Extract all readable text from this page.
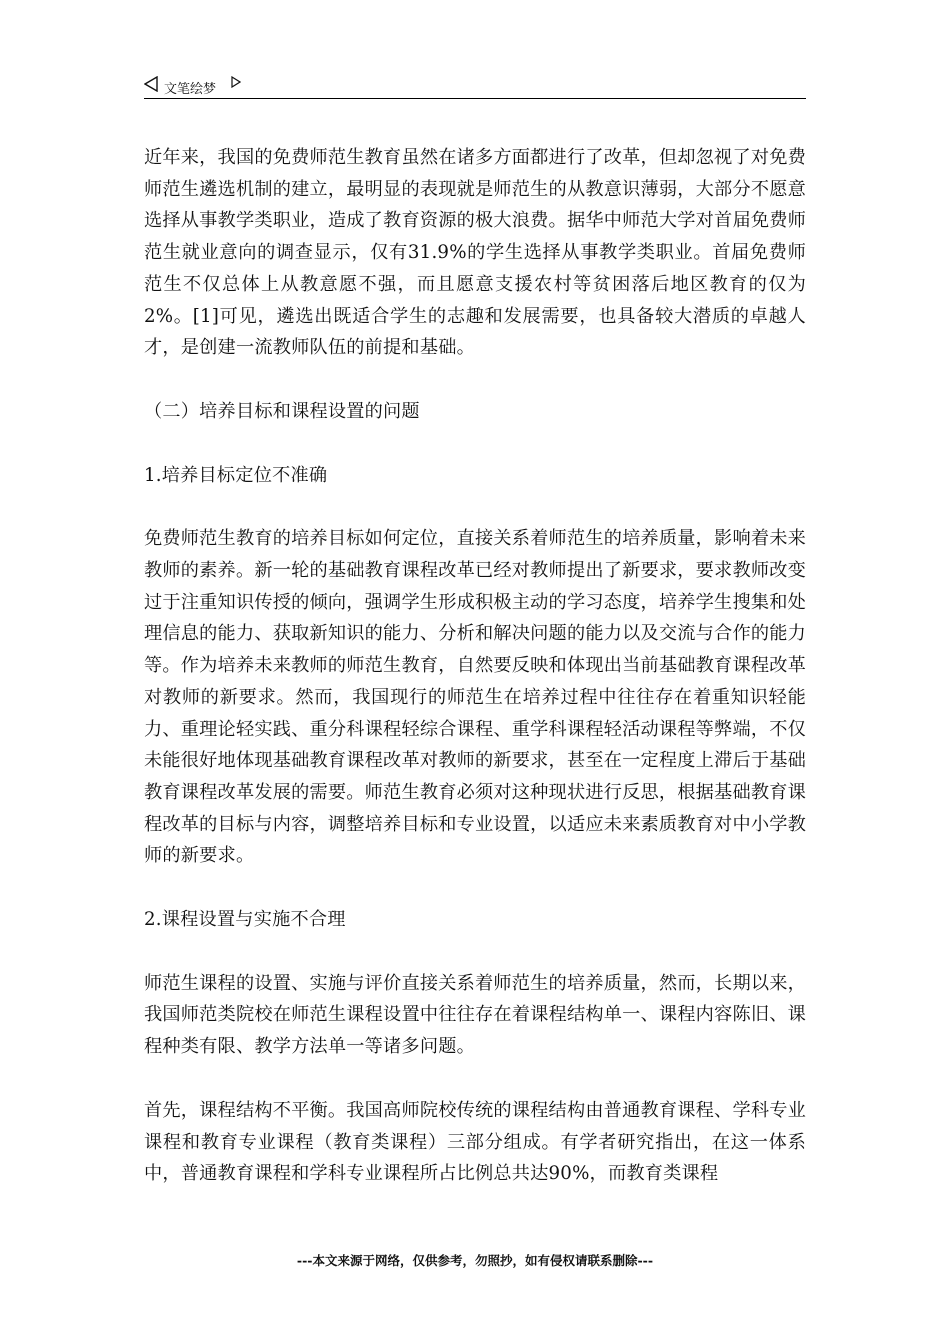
文笔绘梦

近年来，我国的免费师范生教育虽然在诸多方面都进行了改革，但却忽视了对免费师范生遴选机制的建立，最明显的表现就是师范生的从教意识薄弱，大部分不愿意选择从事教学类职业，造成了教育资源的极大浪费。据华中师范大学对首届免费师范生就业意向的调查显示，仅有31.9%的学生选择从事教学类职业。首届免费师范生不仅总体上从教意愿不强，而且愿意支援农村等贫困落后地区教育的仅为2%。[1]可见，遴选出既适合学生的志趣和发展需要，也具备较大潜质的卓越人才，是创建一流教师队伍的前提和基础。

（二）培养目标和课程设置的问题

1.培养目标定位不准确

免费师范生教育的培养目标如何定位，直接关系着师范生的培养质量，影响着未来教师的素养。新一轮的基础教育课程改革已经对教师提出了新要求，要求教师改变过于注重知识传授的倾向，强调学生形成积极主动的学习态度，培养学生搜集和处理信息的能力、获取新知识的能力、分析和解决问题的能力以及交流与合作的能力等。作为培养未来教师的师范生教育，自然要反映和体现出当前基础教育课程改革对教师的新要求。然而，我国现行的师范生在培养过程中往往存在着重知识轻能力、重理论轻实践、重分科课程轻综合课程、重学科课程轻活动课程等弊端，不仅未能很好地体现基础教育课程改革对教师的新要求，甚至在一定程度上滞后于基础教育课程改革发展的需要。师范生教育必须对这种现状进行反思，根据基础教育课程改革的目标与内容，调整培养目标和专业设置，以适应未来素质教育对中小学教师的新要求。

2.课程设置与实施不合理

师范生课程的设置、实施与评价直接关系着师范生的培养质量，然而，长期以来，我国师范类院校在师范生课程设置中往往存在着课程结构单一、课程内容陈旧、课程种类有限、教学方法单一等诸多问题。

首先，课程结构不平衡。我国高师院校传统的课程结构由普通教育课程、学科专业课程和教育专业课程（教育类课程）三部分组成。有学者研究指出，在这一体系中，普通教育课程和学科专业课程所占比例总共达90%，而教育类课程

---本文来源于网络，仅供参考，勿照抄，如有侵权请联系删除---
